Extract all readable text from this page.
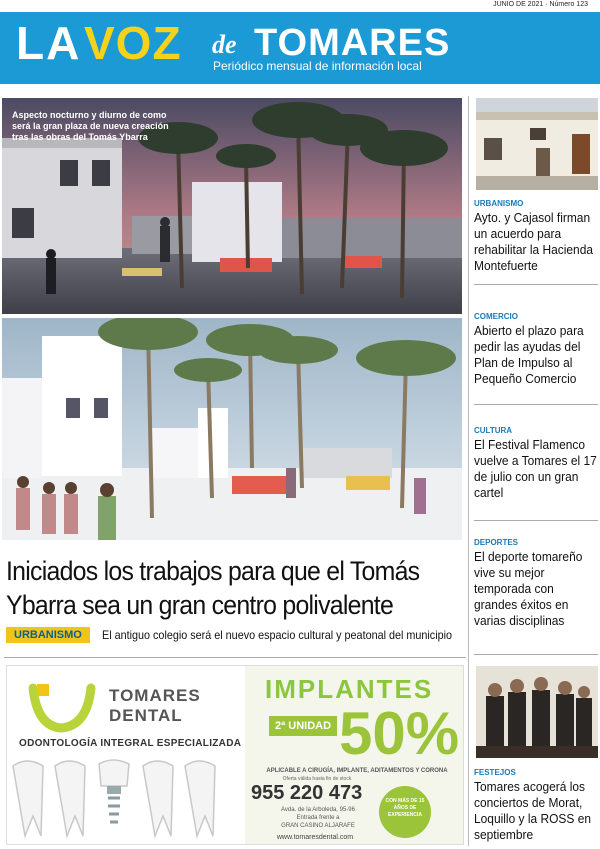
JUNIO DE 2021 · Número 123
LA VOZ de TOMARES
Periódico mensual de información local
Aspecto nocturno y diurno de como será la gran plaza de nueva creación tras las obras del Tomás Ybarra
Iniciados los trabajos para que el Tomás Ybarra sea un gran centro polivalente
URBANISMO	El antiguo colegio será el nuevo espacio cultural y peatonal del municipio
TOMARES
DENTAL
ODONTOLOGÍA INTEGRAL ESPECIALIZADA
IMPLANTES
2ª UNIDAD 50%
APLICABLE A CIRUGÍA, IMPLANTE, ADITAMENTOS Y CORONA
Oferta válida hasta fin de stock
955 220 473
Avda. de la Arboleda, 95-96
Entrada frente a
GRAN CASINO ALJARAFE
www.tomaresdental.com
CON MÁS DE 15 AÑOS DE EXPERIENCIA
URBANISMO
Ayto. y Cajasol firman un acuerdo para rehabilitar la Hacienda Montefuerte
COMERCIO
Abierto el plazo para pedir las ayudas del Plan de Impulso al Pequeño Comercio
CULTURA
El Festival Flamenco vuelve a Tomares el 17 de julio con un gran cartel
DEPORTES
El deporte tomareño vive su mejor temporada con grandes éxitos en varias disciplinas
FESTEJOS
Tomares acogerá los conciertos de Morat, Loquillo y la ROSS en septiembre
